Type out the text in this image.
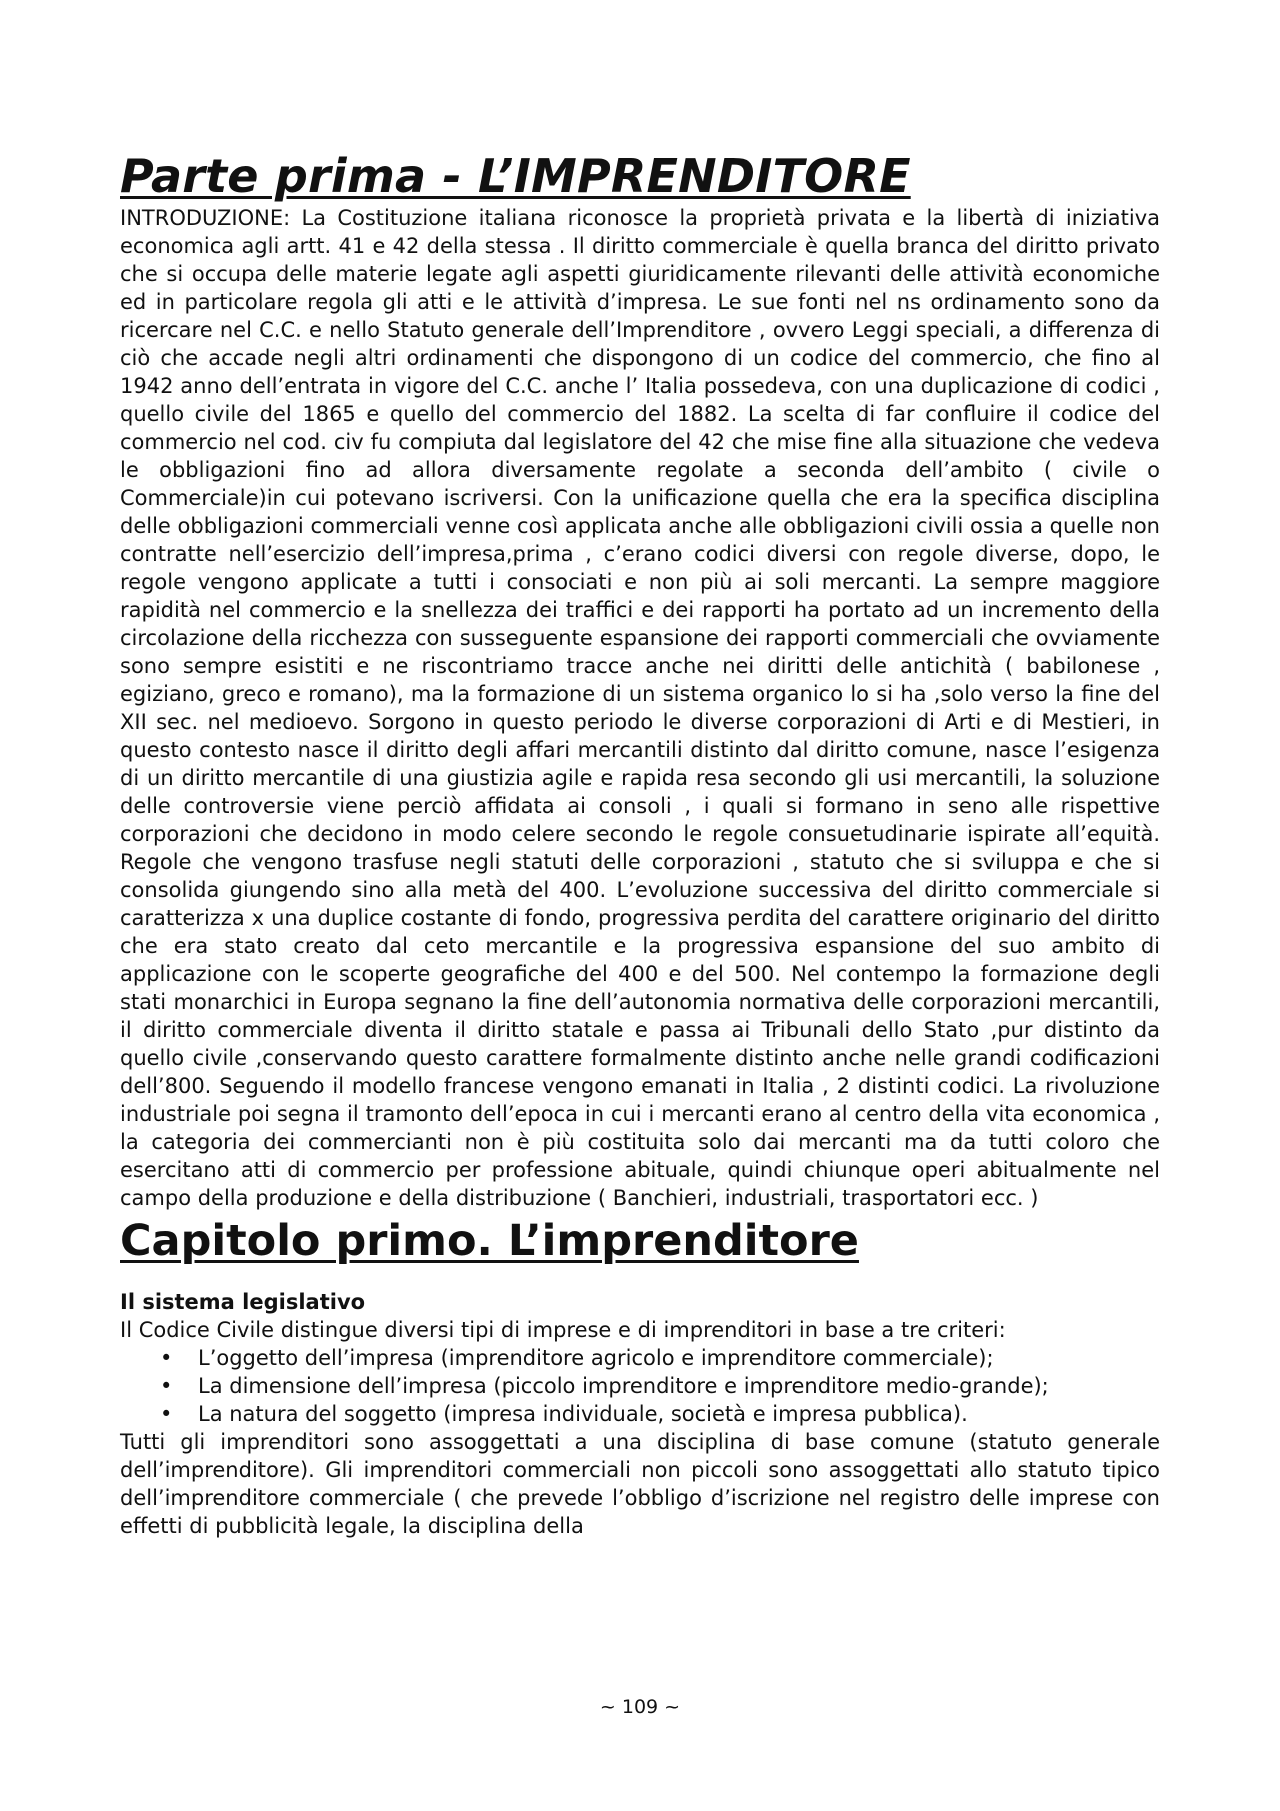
Parte prima - L’IMPRENDITORE

INTRODUZIONE: La Costituzione italiana riconosce la proprietà privata e la libertà di iniziativa economica agli artt. 41 e 42 della stessa . Il diritto commerciale è quella branca del diritto privato che si occupa delle materie legate agli aspetti giuridicamente rilevanti delle attività economiche ed in particolare regola gli atti e le attività d’impresa. Le sue fonti nel ns ordinamento sono da ricercare nel C.C. e nello Statuto generale dell’Imprenditore , ovvero Leggi speciali, a differenza di ciò che accade negli altri ordinamenti che dispongono di un codice del commercio, che fino al 1942 anno dell’entrata in vigore del C.C. anche l’ Italia possedeva, con una duplicazione di codici , quello civile del 1865 e quello del commercio del 1882. La scelta di far confluire il codice del commercio nel cod. civ fu compiuta dal legislatore del 42 che mise fine alla situazione che vedeva le obbligazioni fino ad allora diversamente regolate a seconda dell’ambito ( civile o Commerciale)in cui potevano iscriversi. Con la unificazione quella che era la specifica disciplina delle obbligazioni commerciali venne così applicata anche alle obbligazioni civili ossia a quelle non contratte nell’esercizio dell’impresa,prima , c’erano codici diversi con regole diverse, dopo, le regole vengono applicate a tutti i consociati e non più ai soli mercanti. La sempre maggiore rapidità nel commercio e la snellezza dei traffici e dei rapporti ha portato ad un incremento della circolazione della ricchezza con susseguente espansione dei rapporti commerciali che ovviamente sono sempre esistiti e ne riscontriamo tracce anche nei diritti delle antichità ( babilonese , egiziano, greco e romano), ma la formazione di un sistema organico lo si ha ,solo verso la fine del XII sec. nel medioevo. Sorgono in questo periodo le diverse corporazioni di Arti e di Mestieri, in questo contesto nasce il diritto degli affari mercantili distinto dal diritto comune, nasce l’esigenza di un diritto mercantile di una giustizia agile e rapida resa secondo gli usi mercantili, la soluzione delle controversie viene perciò affidata ai consoli , i quali si formano in seno alle rispettive corporazioni che decidono in modo celere secondo le regole consuetudinarie ispirate all’equità. Regole che vengono trasfuse negli statuti delle corporazioni , statuto che si sviluppa e che si consolida giungendo sino alla metà del 400. L’evoluzione successiva del diritto commerciale si caratterizza x una duplice costante di fondo, progressiva perdita del carattere originario del diritto che era stato creato dal ceto mercantile e la progressiva espansione del suo ambito di applicazione con le scoperte geografiche del 400 e del 500. Nel contempo la formazione degli stati monarchici in Europa segnano la fine dell’autonomia normativa delle corporazioni mercantili, il diritto commerciale diventa il diritto statale e passa ai Tribunali dello Stato ,pur distinto da quello civile ,conservando questo carattere formalmente distinto anche nelle grandi codificazioni dell’800. Seguendo il modello francese vengono emanati in Italia , 2 distinti codici. La rivoluzione industriale poi segna il tramonto dell’epoca in cui i mercanti erano al centro della vita economica , la categoria dei commercianti non è più costituita solo dai mercanti ma da tutti coloro che esercitano atti di commercio per professione abituale, quindi chiunque operi abitualmente nel campo della produzione e della distribuzione ( Banchieri, industriali, trasportatori ecc. )

Capitolo primo. L’imprenditore
Il sistema legislativo

Il Codice Civile distingue diversi tipi di imprese e di imprenditori in base a tre criteri:

• L’oggetto dell’impresa (imprenditore agricolo e imprenditore commerciale);
• La dimensione dell’impresa (piccolo imprenditore e imprenditore medio-grande);
• La natura del soggetto (impresa individuale, società e impresa pubblica).

Tutti gli imprenditori sono assoggettati a una disciplina di base comune (statuto generale dell’imprenditore). Gli imprenditori commerciali non piccoli sono assoggettati allo statuto tipico dell’imprenditore commerciale ( che prevede l’obbligo d’iscrizione nel registro delle imprese con effetti di pubblicità legale, la disciplina della

~ 109 ~
